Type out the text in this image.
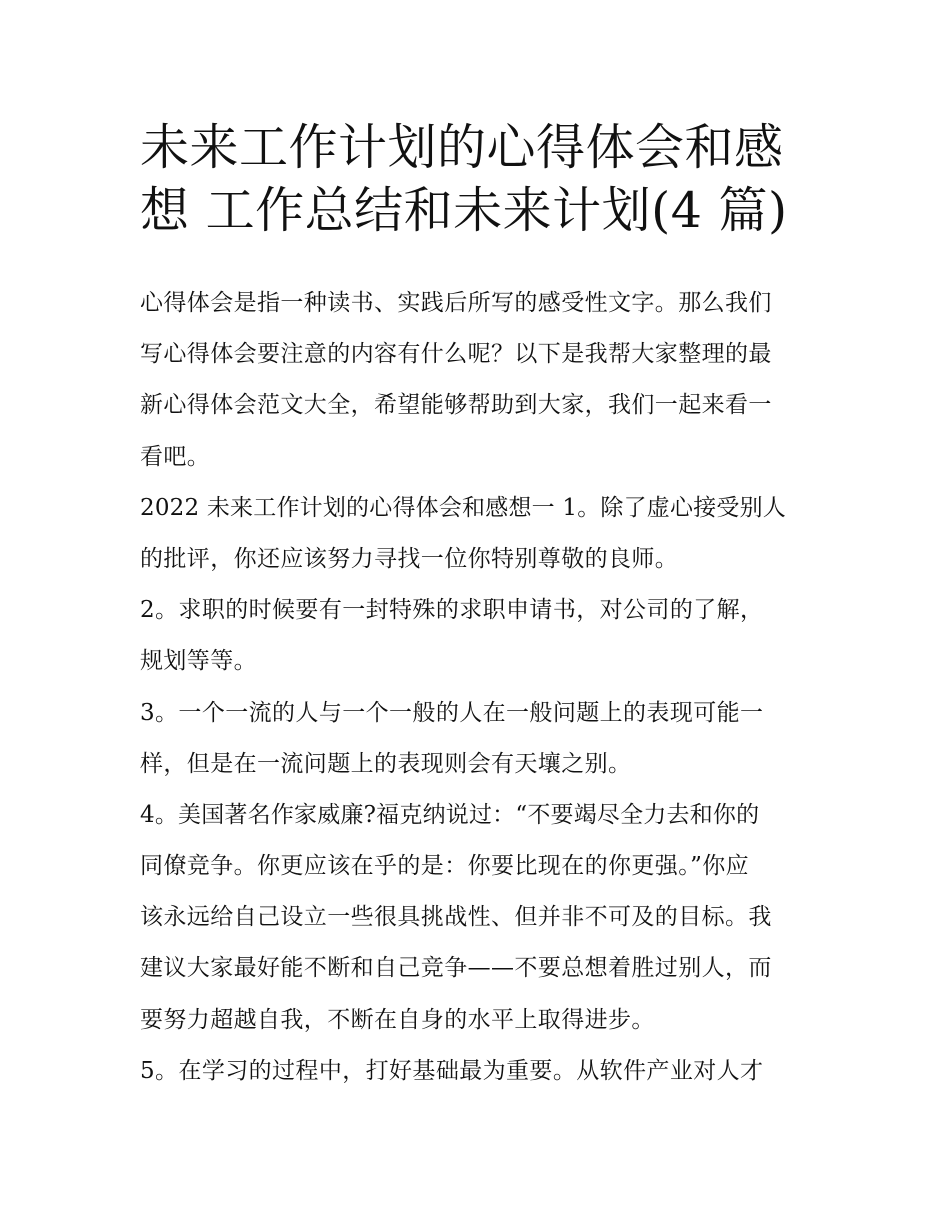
未来工作计划的心得体会和感
想 工作总结和未来计划(4 篇)
心得体会是指一种读书、实践后所写的感受性文字。那么我们
写心得体会要注意的内容有什么呢？以下是我帮大家整理的最
新心得体会范文大全，希望能够帮助到大家，我们一起来看一
看吧。
2022 未来工作计划的心得体会和感想一 1。除了虚心接受别人
的批评，你还应该努力寻找一位你特别尊敬的良师。
2。求职的时候要有一封特殊的求职申请书，对公司的了解，
规划等等。
3。一个一流的人与一个一般的人在一般问题上的表现可能一
样，但是在一流问题上的表现则会有天壤之别。
4。美国著名作家威廉?福克纳说过：“不要竭尽全力去和你的
同僚竞争。你更应该在乎的是：你要比现在的你更强。”你应
该永远给自己设立一些很具挑战性、但并非不可及的目标。我
建议大家最好能不断和自己竞争——不要总想着胜过别人，而
要努力超越自我，不断在自身的水平上取得进步。
5。在学习的过程中，打好基础最为重要。从软件产业对人才
